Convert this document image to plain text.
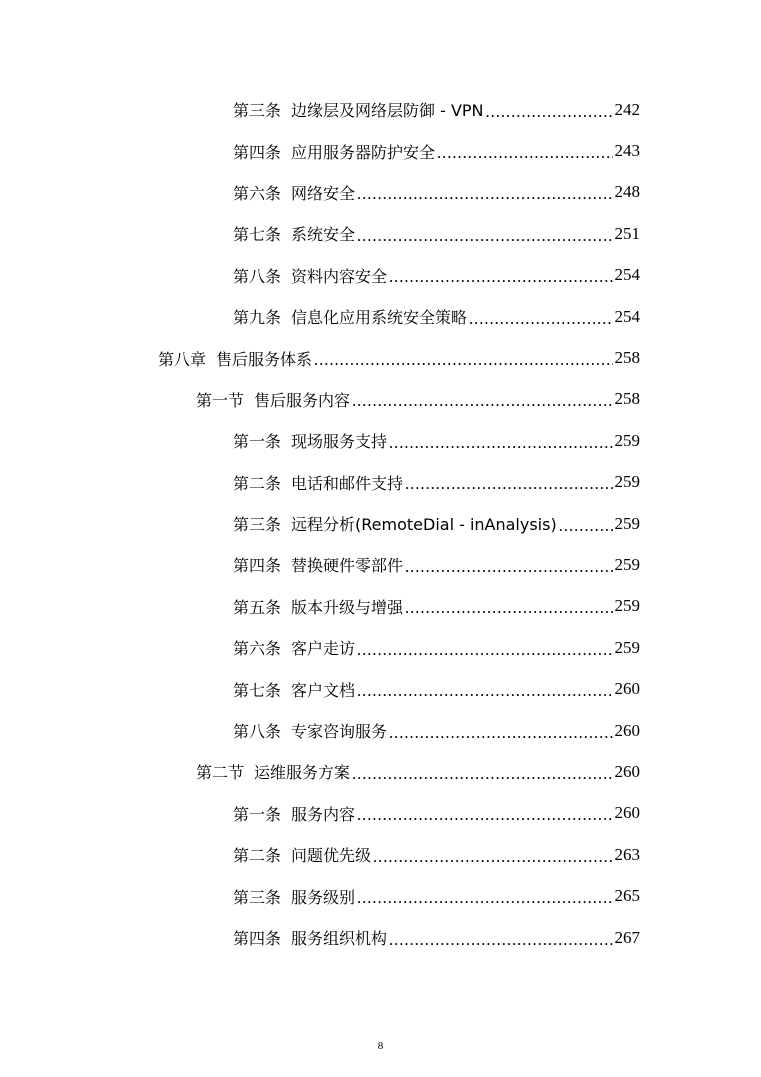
第三条 边缘层及网络层防御 - VPN .....	242
第四条 应用服务器防护安全 .....	243
第六条 网络安全 .....	248
第七条 系统安全 .....	251
第八条 资料内容安全 .....	254
第九条 信息化应用系统安全策略 .....	254
第八章 售后服务体系 .....	258
第一节 售后服务内容 .....	258
第一条 现场服务支持 .....	259
第二条 电话和邮件支持 .....	259
第三条 远程分析(RemoteDial - inAnalysis) .....	259
第四条 替换硬件零部件 .....	259
第五条 版本升级与增强 .....	259
第六条 客户走访 .....	259
第七条 客户文档 .....	260
第八条 专家咨询服务 .....	260
第二节 运维服务方案 .....	260
第一条 服务内容 .....	260
第二条 问题优先级 .....	263
第三条 服务级别 .....	265
第四条 服务组织机构 .....	267
8
